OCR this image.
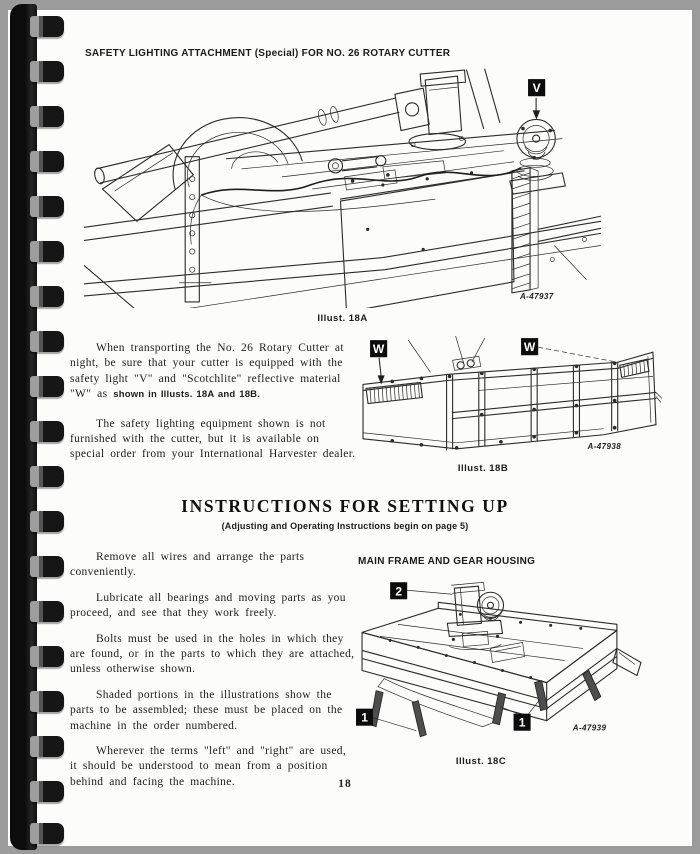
SAFETY LIGHTING ATTACHMENT (Special) FOR NO. 26 ROTARY CUTTER
V
A-47937
Illust. 18A

When transporting the No. 26 Rotary Cutter at night, be sure that your cutter is equipped with the safety light "V" and "Scotchlite" reflective material "W" as shown in Illusts. 18A and 18B.

The safety lighting equipment shown is not furnished with the cutter, but it is available on special order from your International Harvester dealer.

W	W
A-47938
Illust. 18B
INSTRUCTIONS FOR SETTING UP
(Adjusting and Operating Instructions begin on page 5)

Remove all wires and arrange the parts conveniently.

Lubricate all bearings and moving parts as you proceed, and see that they work freely.

Bolts must be used in the holes in which they are found, or in the parts to which they are attached, unless otherwise shown.

Shaded portions in the illustrations show the parts to be assembled; these must be placed on the machine in the order numbered.

Wherever the terms "left" and "right" are used, it should be understood to mean from a position behind and facing the machine.

MAIN FRAME AND GEAR HOUSING
2
1	1	A-47939
Illust. 18C
18
